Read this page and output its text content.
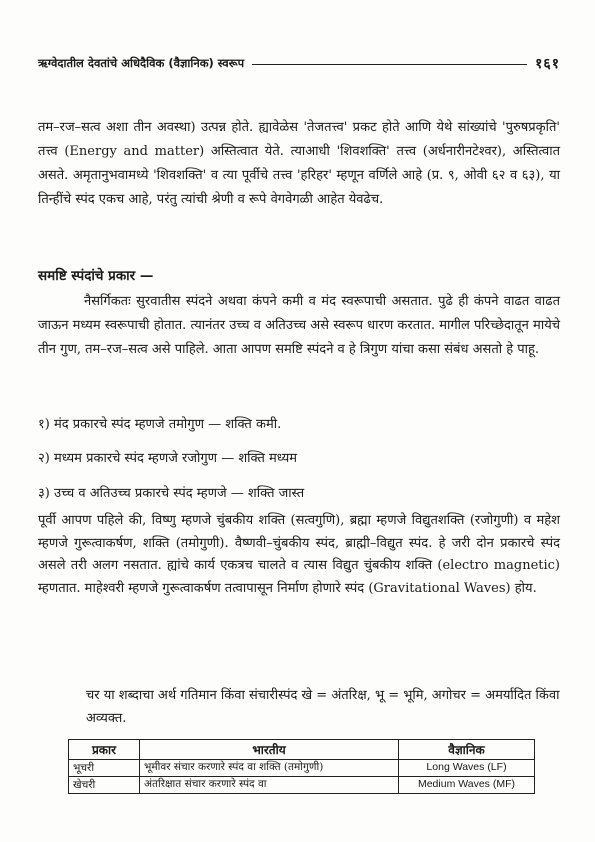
ऋग्वेदातील देवतांचे अधिदैविक (वैज्ञानिक) स्वरूप	१६१
तम–रज–सत्व अशा तीन अवस्था) उत्पन्न होते. ह्यावेळेस 'तेजतत्त्व' प्रकट होते आणि येथे सांख्यांचे 'पुरुषप्रकृति' तत्त्व (Energy and matter) अस्तित्वात येते. त्याआधी 'शिवशक्ति' तत्त्व (अर्धनारीनटेश्वर), अस्तित्वात असते. अमृतानुभवामध्ये 'शिवशक्ति' व त्या पूर्वीचे तत्त्व 'हरिहर' म्हणून वर्णिले आहे (प्र. ९, ओवी ६२ व ६३), या तिन्हींचे स्पंद एकच आहे, परंतु त्यांची श्रेणी व रूपे वेगवेगळी आहेत येवढेच.
समष्टि स्पंदांचे प्रकार —
नैसर्गिकतः सुरवातीस स्पंदने अथवा कंपने कमी व मंद स्वरूपाची असतात. पुढे ही कंपने वाढत वाढत जाऊन मध्यम स्वरूपाची होतात. त्यानंतर उच्च व अतिउच्च असे स्वरूप धारण करतात. मागील परिच्छेदातून मायेचे तीन गुण, तम–रज–सत्व असे पाहिले. आता आपण समष्टि स्पंदने व हे त्रिगुण यांचा कसा संबंध असतो हे पाहू.
१) मंद प्रकारचे स्पंद म्हणजे तमोगुण — शक्ति कमी.
२) मध्यम प्रकारचे स्पंद म्हणजे रजोगुण — शक्ति मध्यम
३) उच्च व अतिउच्च प्रकारचे स्पंद म्हणजे — शक्ति जास्त
पूर्वी आपण पहिले की, विष्णु म्हणजे चुंबकीय शक्ति (सत्वगुणि), ब्रह्मा म्हणजे विद्युतशक्ति (रजोगुणी) व महेश म्हणजे गुरूत्वाकर्षण, शक्ति (तमोगुणी). वैष्णवी–चुंबकीय स्पंद, ब्राह्मी–विद्युत स्पंद. हे जरी दोन प्रकारचे स्पंद असले तरी अलग नसतात. ह्यांचे कार्य एकत्रच चालते व त्यास विद्युत चुंबकीय शक्ति (electro magnetic) म्हणतात. माहेश्वरी म्हणजे गुरूत्वाकर्षण तत्वापासून निर्माण होणारे स्पंद (Gravitational Waves) होय.
चर या शब्दाचा अर्थ गतिमान किंवा संचारीस्पंद खे = अंतरिक्ष, भू = भूमि, अगोचर = अमर्यादित किंवा अव्यक्त.
प्रकार	भारतीय	वैज्ञानिक
भूचरी	भूमीवर संचार करणारे स्पंद वा शक्ति (तमोगुणी)	Long Waves (LF)
खेचरी	अंतरिक्षात संचार करणारे स्पंद वा	Medium Waves (MF)
